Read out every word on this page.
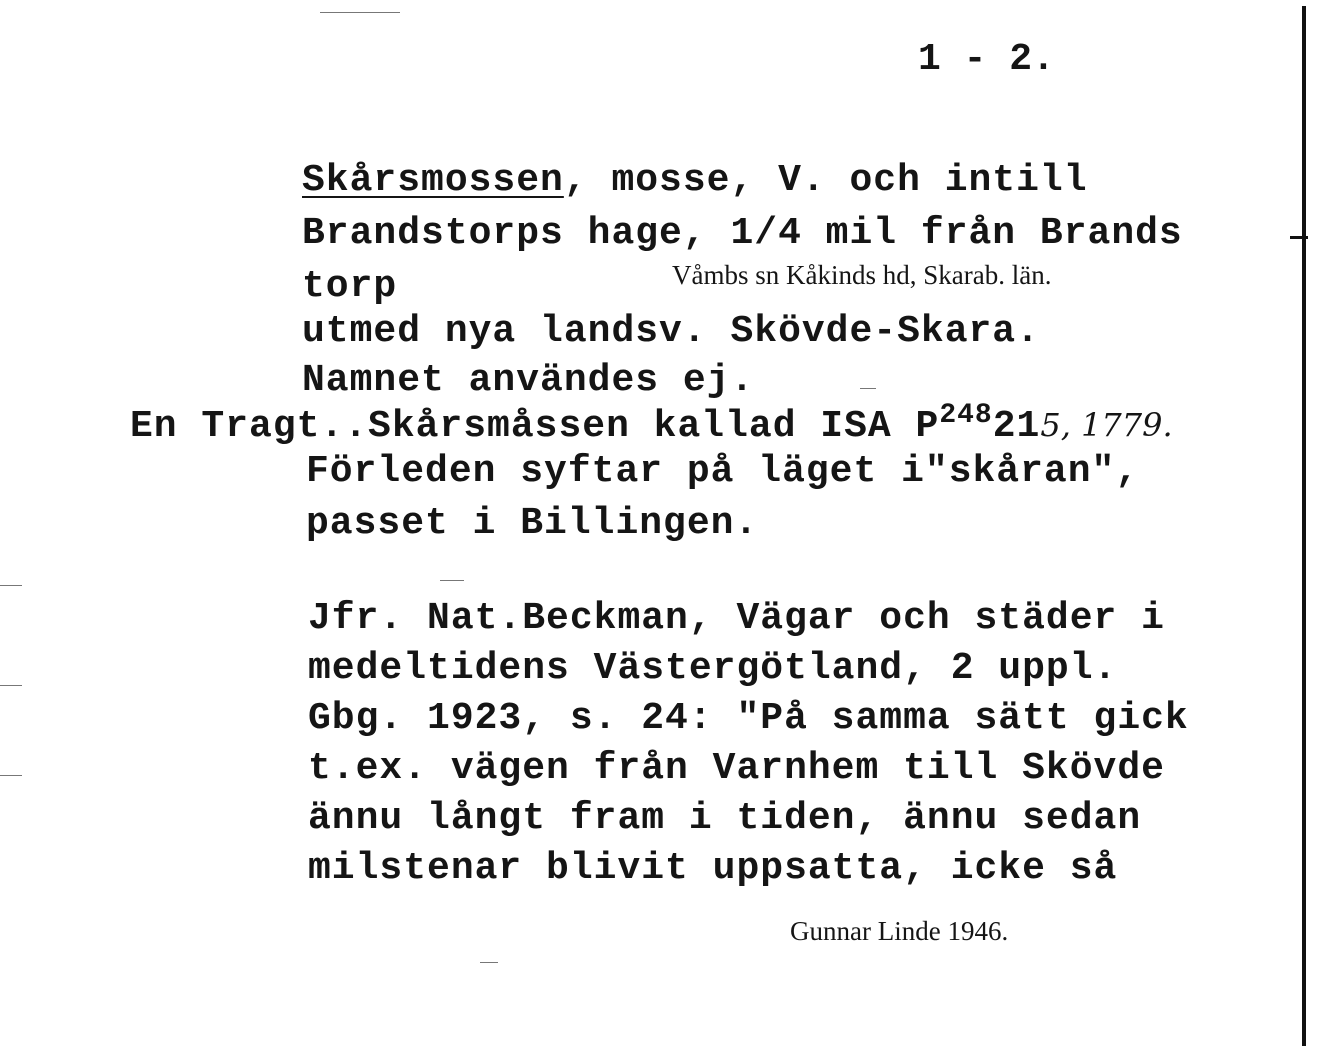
1 - 2.
Skårsmossen, mosse, V. och intill
Brandstorps hage, 1/4 mil från Brands
torp	Våmbs sn Kåkinds hd, Skarab. län.
utmed nya landsv. Skövde-Skara.
Namnet användes ej.
En Tragt..Skårsmåssen kallad ISA $P^{248}215$, 1779.
Förleden syftar på läget i"skåran",
passet i Billingen.
Jfr. Nat.Beckman, Vägar och städer i
medeltidens Västergötland, 2 uppl.
Gbg. 1923, s. 24: "På samma sätt gick
t.ex. vägen från Varnhem till Skövde
ännu långt fram i tiden, ännu sedan
milstenar blivit uppsatta, icke så
Gunnar Linde 1946.
